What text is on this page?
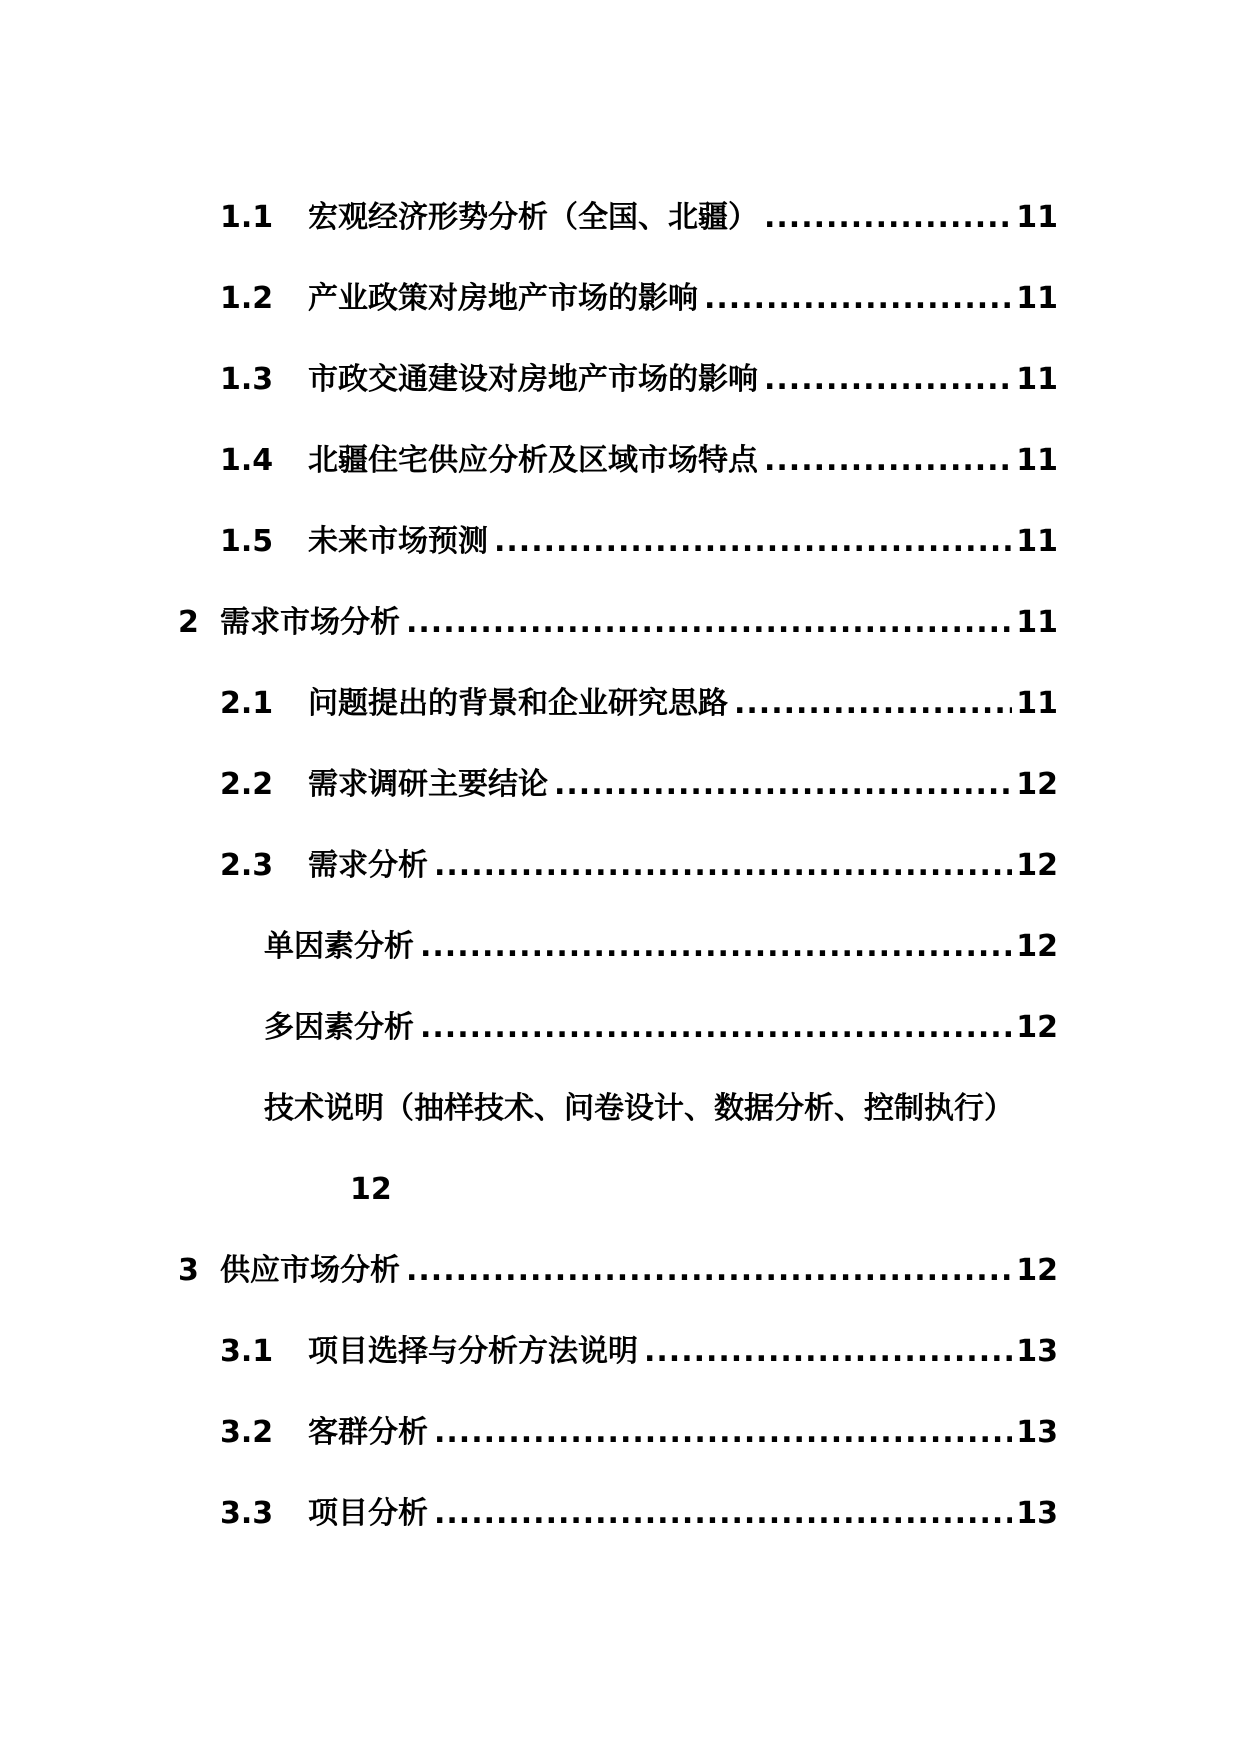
1.1	宏观经济形势分析（全国、北疆） .....	11
1.2	产业政策对房地产市场的影响 .....	11
1.3	市政交通建设对房地产市场的影响 .....	11
1.4	北疆住宅供应分析及区域市场特点 .....	11
1.5	未来市场预测 .....	11
2 需求市场分析 .....	11
2.1	问题提出的背景和企业研究思路 .....	11
2.2	需求调研主要结论 .....	12
2.3	需求分析 .....	12
单因素分析 .....	12
多因素分析 .....	12
技术说明（抽样技术、问卷设计、数据分析、控制执行）
12
3 供应市场分析 .....	12
3.1	项目选择与分析方法说明 .....	13
3.2	客群分析 .....	13
3.3	项目分析 .....	13
